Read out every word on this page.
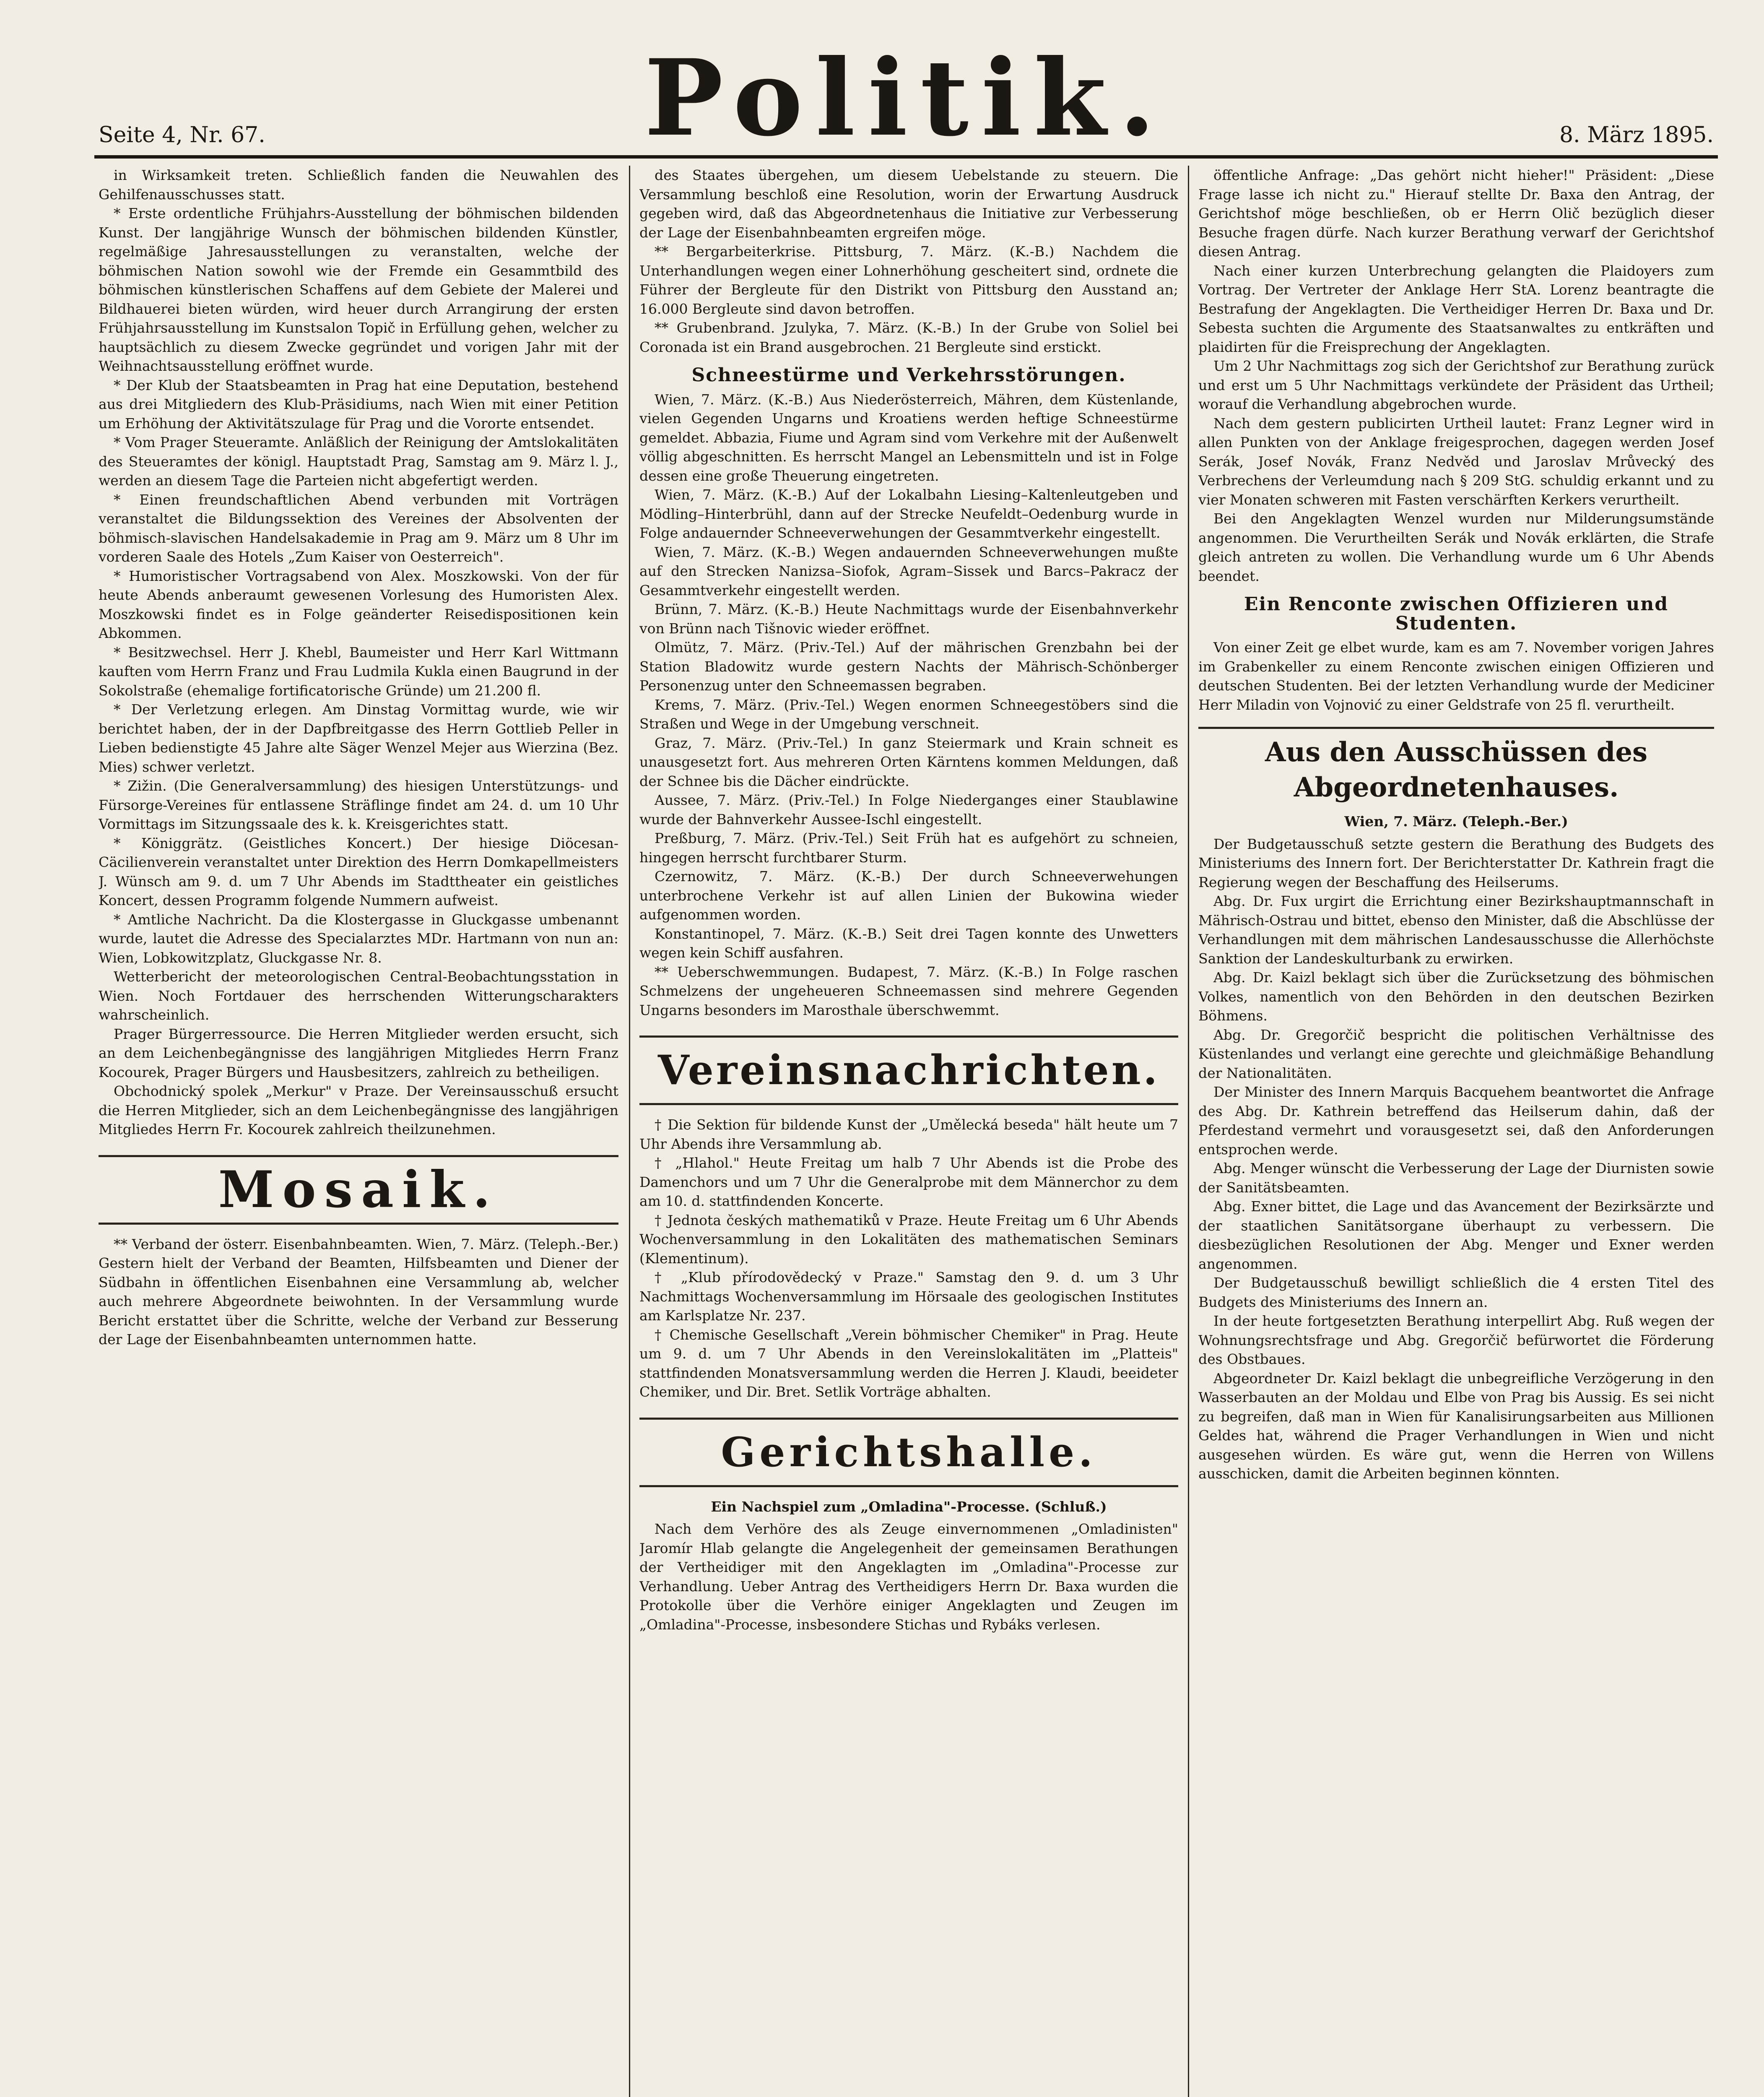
Seite 4, Nr. 67.	Politik.	8. März 1895.

in Wirksamkeit treten. Schließlich fanden die Neuwahlen des Gehilfenausschusses statt.

* Erste ordentliche Frühjahrs-Ausstellung der böhmischen bildenden Kunst. Der langjährige Wunsch der böhmischen bildenden Künstler, regelmäßige Jahresausstellungen zu veranstalten, welche der böhmischen Nation sowohl wie der Fremde ein Gesammtbild des böhmischen künstlerischen Schaffens auf dem Gebiete der Malerei und Bildhauerei bieten würden, wird heuer durch Arrangirung der ersten Frühjahrsausstellung im Kunstsalon Topič in Erfüllung gehen, welcher zu hauptsächlich zu diesem Zwecke gegründet und vorigen Jahr mit der Weihnachtsausstellung eröffnet wurde.

* Der Klub der Staatsbeamten in Prag hat eine Deputation, bestehend aus drei Mitgliedern des Klub-Präsidiums, nach Wien mit einer Petition um Erhöhung der Aktivitätszulage für Prag und die Vororte entsendet.

* Vom Prager Steueramte. Anläßlich der Reinigung der Amtslokalitäten des Steueramtes der königl. Hauptstadt Prag, Samstag am 9. März l. J., werden an diesem Tage die Parteien nicht abgefertigt werden.

* Einen freundschaftlichen Abend verbunden mit Vorträgen veranstaltet die Bildungssektion des Vereines der Absolventen der böhmisch-slavischen Handelsakademie in Prag am 9. März um 8 Uhr im vorderen Saale des Hotels „Zum Kaiser von Oesterreich".

* Humoristischer Vortragsabend von Alex. Moszkowski. Von der für heute Abends anberaumt gewesenen Vorlesung des Humoristen Alex. Moszkowski findet es in Folge geänderter Reisedispositionen kein Abkommen.

* Besitzwechsel. Herr J. Khebl, Baumeister und Herr Karl Wittmann kauften vom Herrn Franz und Frau Ludmila Kukla einen Baugrund in der Sokolstraße (ehemalige fortificatorische Gründe) um 21.200 fl.

* Der Verletzung erlegen. Am Dinstag Vormittag wurde, wie wir berichtet haben, der in der Dapfbreitgasse des Herrn Gottlieb Peller in Lieben bedienstigte 45 Jahre alte Säger Wenzel Mejer aus Wierzina (Bez. Mies) schwer verletzt.

* Zižin. (Die Generalversammlung) des hiesigen Unterstützungs- und Fürsorge-Vereines für entlassene Sträflinge findet am 24. d. um 10 Uhr Vormittags im Sitzungssaale des k. k. Kreisgerichtes statt.

* Königgrätz. (Geistliches Koncert.) Der hiesige Diöcesan-Cäcilienverein veranstaltet unter Direktion des Herrn Domkapellmeisters J. Wünsch am 9. d. um 7 Uhr Abends im Stadttheater ein geistliches Koncert, dessen Programm folgende Nummern aufweist.

* Amtliche Nachricht. Da die Klostergasse in Gluckgasse umbenannt wurde, lautet die Adresse des Specialarztes MDr. Hartmann von nun an: Wien, Lobkowitzplatz, Gluckgasse Nr. 8.

Wetterbericht der meteorologischen Central-Beobachtungsstation in Wien. Noch Fortdauer des herrschenden Witterungscharakters wahrscheinlich.

Prager Bürgerressource. Die Herren Mitglieder werden ersucht, sich an dem Leichenbegängnisse des langjährigen Mitgliedes Herrn Franz Kocourek, Prager Bürgers und Hausbesitzers, zahlreich zu betheiligen.

Obchodnický spolek „Merkur" v Praze. Der Vereinsausschuß ersucht die Herren Mitglieder, sich an dem Leichenbegängnisse des langjährigen Mitgliedes Herrn Fr. Kocourek zahlreich theilzunehmen.

Mosaik.

** Verband der österr. Eisenbahnbeamten. Wien, 7. März. (Teleph.-Ber.) Gestern hielt der Verband der Beamten, Hilfsbeamten und Diener der Südbahn in öffentlichen Eisenbahnen eine Versammlung ab, welcher auch mehrere Abgeordnete beiwohnten. In der Versammlung wurde Bericht erstattet über die Schritte, welche der Verband zur Besserung der Lage der Eisenbahnbeamten unternommen hatte.

des Staates übergehen, um diesem Uebelstande zu steuern. Die Versammlung beschloß eine Resolution, worin der Erwartung Ausdruck gegeben wird, daß das Abgeordnetenhaus die Initiative zur Verbesserung der Lage der Eisenbahnbeamten ergreifen möge.

** Bergarbeiterkrise. Pittsburg, 7. März. (K.-B.) Nachdem die Unterhandlungen wegen einer Lohnerhöhung gescheitert sind, ordnete die Führer der Bergleute für den Distrikt von Pittsburg den Ausstand an; 16.000 Bergleute sind davon betroffen.

** Grubenbrand. Jzulyka, 7. März. (K.-B.) In der Grube von Soliel bei Coronada ist ein Brand ausgebrochen. 21 Bergleute sind erstickt.

Schneestürme und Verkehrsstörungen.

Wien, 7. März. (K.-B.) Aus Niederösterreich, Mähren, dem Küstenlande, vielen Gegenden Ungarns und Kroatiens werden heftige Schneestürme gemeldet. Abbazia, Fiume und Agram sind vom Verkehre mit der Außenwelt völlig abgeschnitten. Es herrscht Mangel an Lebensmitteln und ist in Folge dessen eine große Theuerung eingetreten.

Wien, 7. März. (K.-B.) Auf der Lokalbahn Liesing–Kaltenleutgeben und Mödling–Hinterbrühl, dann auf der Strecke Neufeldt–Oedenburg wurde in Folge andauernder Schneeverwehungen der Gesammtverkehr eingestellt.

Wien, 7. März. (K.-B.) Wegen andauernden Schneeverwehungen mußte auf den Strecken Nanizsa–Siofok, Agram–Sissek und Barcs–Pakracz der Gesammtverkehr eingestellt werden.

Brünn, 7. März. (K.-B.) Heute Nachmittags wurde der Eisenbahnverkehr von Brünn nach Tišnovic wieder eröffnet.

Olmütz, 7. März. (Priv.-Tel.) Auf der mährischen Grenzbahn bei der Station Bladowitz wurde gestern Nachts der Mährisch-Schönberger Personenzug unter den Schneemassen begraben.

Krems, 7. März. (Priv.-Tel.) Wegen enormen Schneegestöbers sind die Straßen und Wege in der Umgebung verschneit.

Graz, 7. März. (Priv.-Tel.) In ganz Steiermark und Krain schneit es unausgesetzt fort. Aus mehreren Orten Kärntens kommen Meldungen, daß der Schnee bis die Dächer eindrückte.

Aussee, 7. März. (Priv.-Tel.) In Folge Niederganges einer Staublawine wurde der Bahnverkehr Aussee-Ischl eingestellt.

Preßburg, 7. März. (Priv.-Tel.) Seit Früh hat es aufgehört zu schneien, hingegen herrscht furchtbarer Sturm.

Czernowitz, 7. März. (K.-B.) Der durch Schneeverwehungen unterbrochene Verkehr ist auf allen Linien der Bukowina wieder aufgenommen worden.

Konstantinopel, 7. März. (K.-B.) Seit drei Tagen konnte des Unwetters wegen kein Schiff ausfahren.

** Ueberschwemmungen. Budapest, 7. März. (K.-B.) In Folge raschen Schmelzens der ungeheueren Schneemassen sind mehrere Gegenden Ungarns besonders im Marosthale überschwemmt.

Vereinsnachrichten.

† Die Sektion für bildende Kunst der „Umělecká beseda" hält heute um 7 Uhr Abends ihre Versammlung ab.

† „Hlahol." Heute Freitag um halb 7 Uhr Abends ist die Probe des Damenchors und um 7 Uhr die Generalprobe mit dem Männerchor zu dem am 10. d. stattfindenden Koncerte.

† Jednota českých mathematiků v Praze. Heute Freitag um 6 Uhr Abends Wochenversammlung in den Lokalitäten des mathematischen Seminars (Klementinum).

† „Klub přírodovědecký v Praze." Samstag den 9. d. um 3 Uhr Nachmittags Wochenversammlung im Hörsaale des geologischen Institutes am Karlsplatze Nr. 237.

† Chemische Gesellschaft „Verein böhmischer Chemiker" in Prag. Heute um 9. d. um 7 Uhr Abends in den Vereinslokalitäten im „Platteis" stattfindenden Monatsversammlung werden die Herren J. Klaudi, beeideter Chemiker, und Dir. Bret. Setlik Vorträge abhalten.

Gerichtshalle.
Ein Nachspiel zum „Omladina"-Processe. (Schluß.)

Nach dem Verhöre des als Zeuge einvernommenen „Omladinisten" Jaromír Hlab gelangte die Angelegenheit der gemeinsamen Berathungen der Vertheidiger mit den Angeklagten im „Omladina"-Processe zur Verhandlung. Ueber Antrag des Vertheidigers Herrn Dr. Baxa wurden die Protokolle über die Verhöre einiger Angeklagten und Zeugen im „Omladina"-Processe, insbesondere Stichas und Rybáks verlesen.

öffentliche Anfrage: „Das gehört nicht hieher!" Präsident: „Diese Frage lasse ich nicht zu." Hierauf stellte Dr. Baxa den Antrag, der Gerichtshof möge beschließen, ob er Herrn Olič bezüglich dieser Besuche fragen dürfe. Nach kurzer Berathung verwarf der Gerichtshof diesen Antrag.

Nach einer kurzen Unterbrechung gelangten die Plaidoyers zum Vortrag. Der Vertreter der Anklage Herr StA. Lorenz beantragte die Bestrafung der Angeklagten. Die Vertheidiger Herren Dr. Baxa und Dr. Sebesta suchten die Argumente des Staatsanwaltes zu entkräften und plaidirten für die Freisprechung der Angeklagten.

Um 2 Uhr Nachmittags zog sich der Gerichtshof zur Berathung zurück und erst um 5 Uhr Nachmittags verkündete der Präsident das Urtheil; worauf die Verhandlung abgebrochen wurde.

Nach dem gestern publicirten Urtheil lautet: Franz Legner wird in allen Punkten von der Anklage freigesprochen, dagegen werden Josef Serák, Josef Novák, Franz Nedvěd und Jaroslav Mrůvecký des Verbrechens der Verleumdung nach § 209 StG. schuldig erkannt und zu vier Monaten schweren mit Fasten verschärften Kerkers verurtheilt.

Bei den Angeklagten Wenzel wurden nur Milderungsumstände angenommen. Die Verurtheilten Serák und Novák erklärten, die Strafe gleich antreten zu wollen. Die Verhandlung wurde um 6 Uhr Abends beendet.

Ein Renconte zwischen Offizieren und Studenten.

Von einer Zeit ge elbet wurde, kam es am 7. November vorigen Jahres im Grabenkeller zu einem Renconte zwischen einigen Offizieren und deutschen Studenten. Bei der letzten Verhandlung wurde der Mediciner Herr Miladin von Vojnović zu einer Geldstrafe von 25 fl. verurtheilt.

Aus den Ausschüssen des Abgeordnetenhauses.
Wien, 7. März. (Teleph.-Ber.)

Der Budgetausschuß setzte gestern die Berathung des Budgets des Ministeriums des Innern fort. Der Berichterstatter Dr. Kathrein fragt die Regierung wegen der Beschaffung des Heilserums.

Abg. Dr. Fux urgirt die Errichtung einer Bezirkshauptmannschaft in Mährisch-Ostrau und bittet, ebenso den Minister, daß die Abschlüsse der Verhandlungen mit dem mährischen Landesausschusse die Allerhöchste Sanktion der Landeskulturbank zu erwirken.

Abg. Dr. Kaizl beklagt sich über die Zurücksetzung des böhmischen Volkes, namentlich von den Behörden in den deutschen Bezirken Böhmens.

Abg. Dr. Gregorčič bespricht die politischen Verhältnisse des Küstenlandes und verlangt eine gerechte und gleichmäßige Behandlung der Nationalitäten.

Der Minister des Innern Marquis Bacquehem beantwortet die Anfrage des Abg. Dr. Kathrein betreffend das Heilserum dahin, daß der Pferdestand vermehrt und vorausgesetzt sei, daß den Anforderungen entsprochen werde.

Abg. Menger wünscht die Verbesserung der Lage der Diurnisten sowie der Sanitätsbeamten.

Abg. Exner bittet, die Lage und das Avancement der Bezirksärzte und der staatlichen Sanitätsorgane überhaupt zu verbessern. Die diesbezüglichen Resolutionen der Abg. Menger und Exner werden angenommen.

Der Budgetausschuß bewilligt schließlich die 4 ersten Titel des Budgets des Ministeriums des Innern an.

In der heute fortgesetzten Berathung interpellirt Abg. Ruß wegen der Wohnungsrechtsfrage und Abg. Gregorčič befürwortet die Förderung des Obstbaues.

Abgeordneter Dr. Kaizl beklagt die unbegreifliche Verzögerung in den Wasserbauten an der Moldau und Elbe von Prag bis Aussig. Es sei nicht zu begreifen, daß man in Wien für Kanalisirungsarbeiten aus Millionen Geldes hat, während die Prager Verhandlungen in Wien und nicht ausgesehen würden. Es wäre gut, wenn die Herren von Willens ausschicken, damit die Arbeiten beginnen könnten.
